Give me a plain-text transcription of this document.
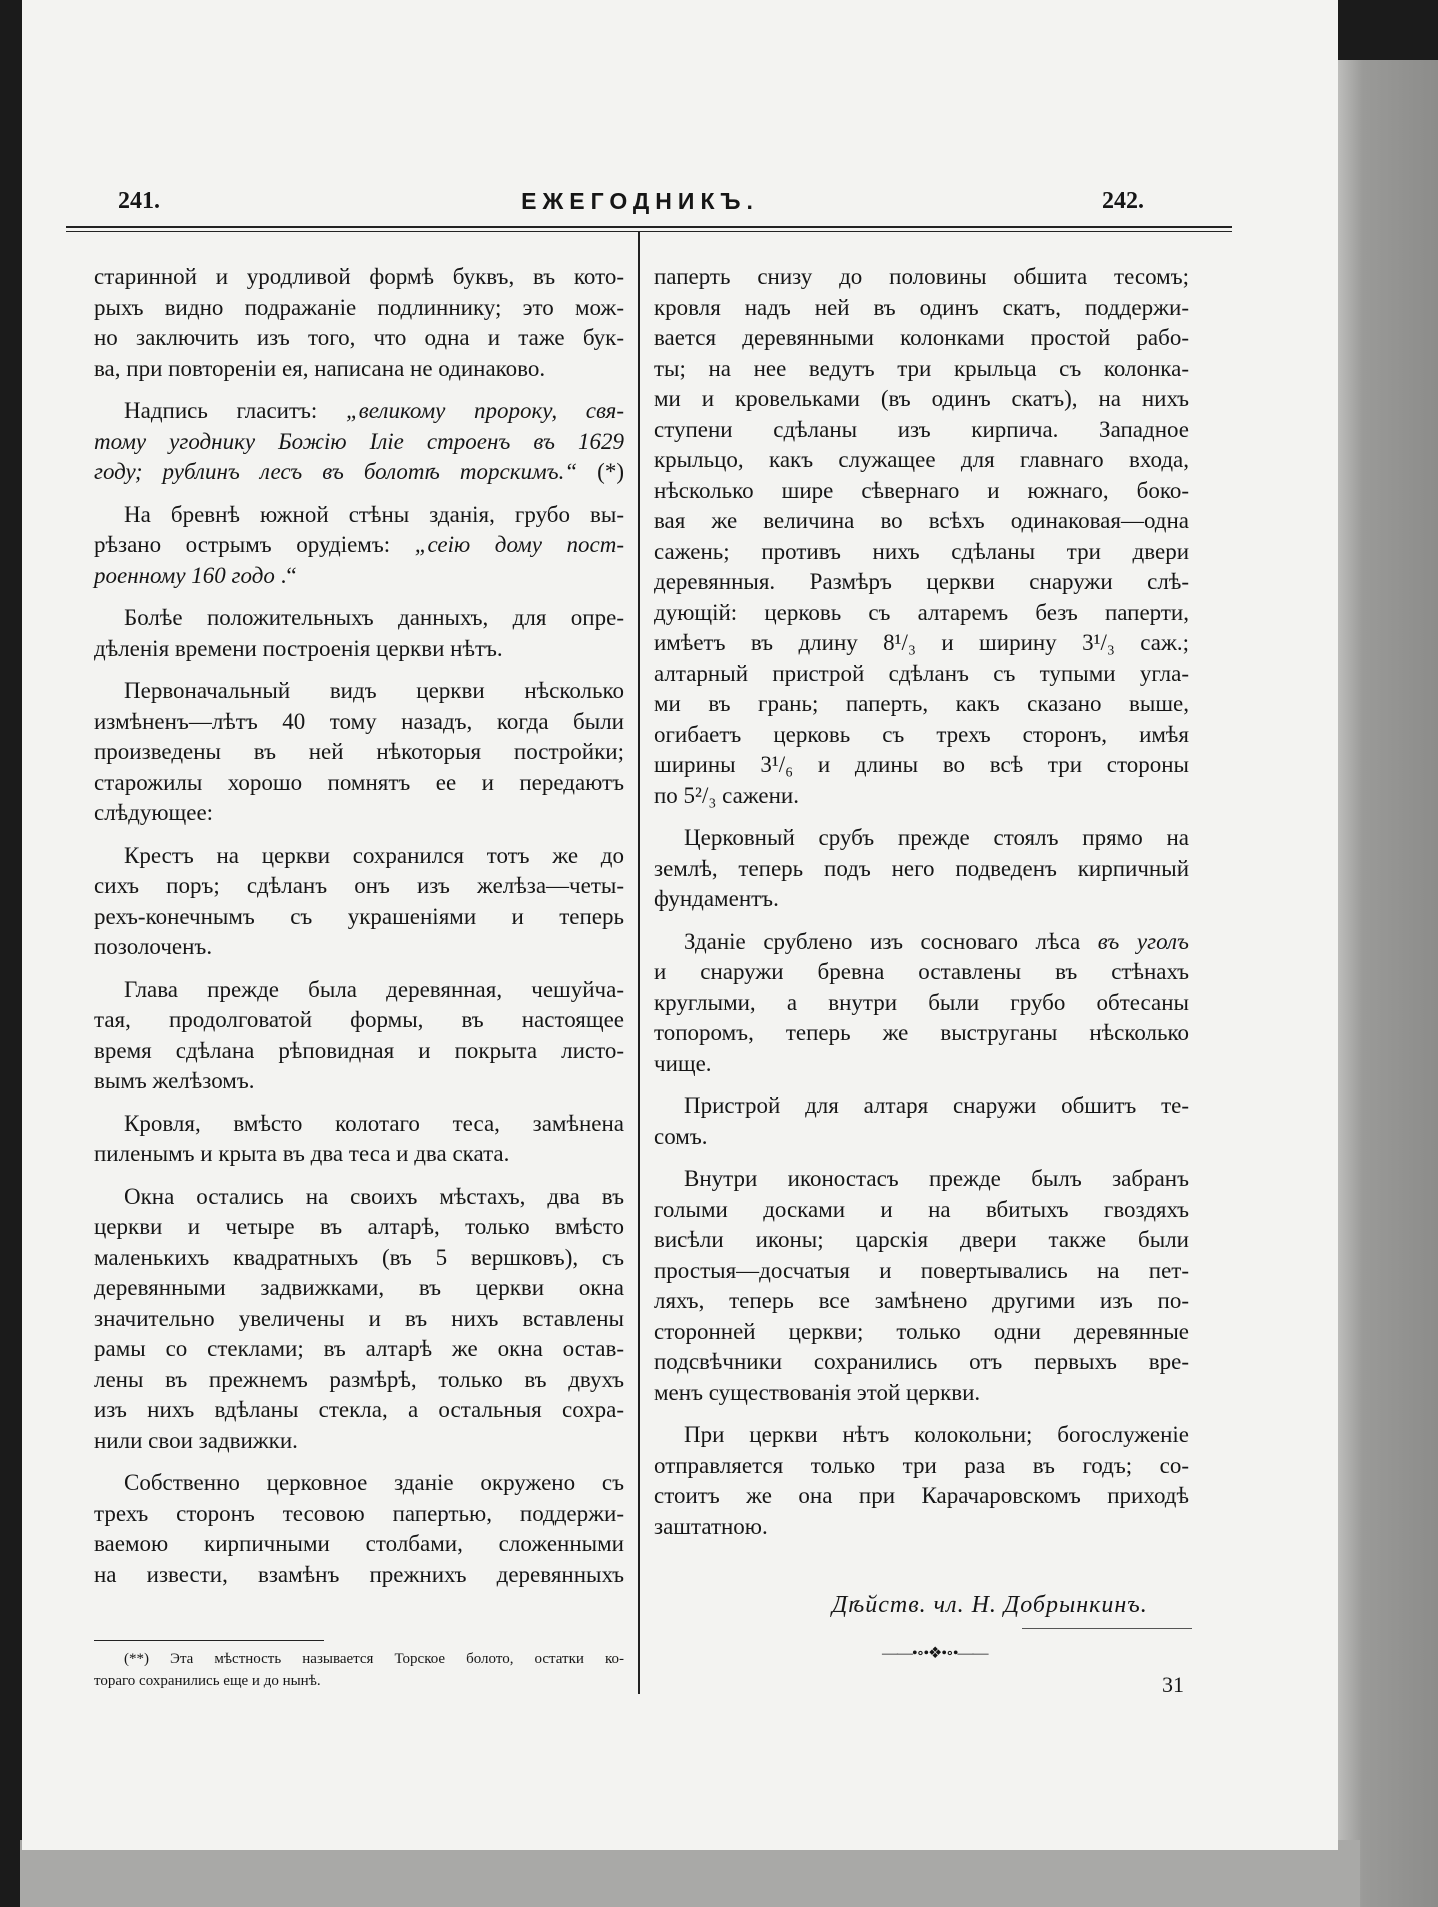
241.	ЕЖЕГОДНИКЪ.	242.
старинной и уродливой формѣ буквъ, въ кото-
рыхъ видно подражаніе подлиннику; это мож-
но заключить изъ того, что одна и таже бук-
ва, при повтореніи ея, написана не одинаково.
Надпись гласитъ: „великому пророку, свя-
тому угоднику Божію Іліе строенъ въ 1629
году; рублинъ лесъ въ болотѣ торскимъ.“ (*)
На бревнѣ южной стѣны зданія, грубо вы-
рѣзано острымъ орудіемъ: „сеію дому пост-
роенному 160 годо .“
Болѣе положительныхъ данныхъ, для опре-
дѣленія времени построенія церкви нѣтъ.
Первоначальный видъ церкви нѣсколько
измѣненъ—лѣтъ 40 тому назадъ, когда были
произведены въ ней нѣкоторыя постройки;
старожилы хорошо помнятъ ее и передаютъ
слѣдующее:
Крестъ на церкви сохранился тотъ же до
сихъ поръ; сдѣланъ онъ изъ желѣза—четы-
рехъ-конечнымъ съ украшеніями и теперь
позолоченъ.
Глава прежде была деревянная, чешуйча-
тая, продолговатой формы, въ настоящее
время сдѣлана рѣповидная и покрыта листо-
вымъ желѣзомъ.
Кровля, вмѣсто колотаго теса, замѣнена
пиленымъ и крыта въ два теса и два ската.
Окна остались на своихъ мѣстахъ, два въ
церкви и четыре въ алтарѣ, только вмѣсто
маленькихъ квадратныхъ (въ 5 вершковъ), съ
деревянными задвижками, въ церкви окна
значительно увеличены и въ нихъ вставлены
рамы со стеклами; въ алтарѣ же окна остав-
лены въ прежнемъ размѣрѣ, только въ двухъ
изъ нихъ вдѣланы стекла, а остальныя сохра-
нили свои задвижки.
Собственно церковное зданіе окружено съ
трехъ сторонъ тесовою папертью, поддержи-
ваемою кирпичными столбами, сложенными
на извести, взамѣнъ прежнихъ деревянныхъ
паперть снизу до половины обшита тесомъ;
кровля надъ ней въ одинъ скатъ, поддержи-
вается деревянными колонками простой рабо-
ты; на нее ведутъ три крыльца съ колонка-
ми и кровельками (въ одинъ скатъ), на нихъ
ступени сдѣланы изъ кирпича. Западное
крыльцо, какъ служащее для главнаго входа,
нѣсколько шире сѣвернаго и южнаго, боко-
вая же величина во всѣхъ одинаковая—одна
сажень; противъ нихъ сдѣланы три двери
деревянныя. Размѣръ церкви снаружи слѣ-
дующій: церковь съ алтаремъ безъ паперти,
имѣетъ въ длину 8¹/₃ и ширину 3¹/₃ саж.;
алтарный пристрой сдѣланъ съ тупыми угла-
ми въ грань; паперть, какъ сказано выше,
огибаетъ церковь съ трехъ сторонъ, имѣя
ширины 3¹/₆ и длины во всѣ три стороны
по 5²/₃ сажени.
Церковный срубъ прежде стоялъ прямо на
землѣ, теперь подъ него подведенъ кирпичный
фундаментъ.
Зданіе срублено изъ сосноваго лѣса въ уголъ
и снаружи бревна оставлены въ стѣнахъ
круглыми, а внутри были грубо обтесаны
топоромъ, теперь же выструганы нѣсколько
чище.
Пристрой для алтаря снаружи обшитъ те-
сомъ.
Внутри иконостасъ прежде былъ забранъ
голыми досками и на вбитыхъ гвоздяхъ
висѣли иконы; царскія двери также были
простыя—досчатыя и повертывались на пет-
ляхъ, теперь все замѣнено другими изъ по-
сторонней церкви; только одни деревянные
подсвѣчники сохранились отъ первыхъ вре-
менъ существованія этой церкви.
При церкви нѣтъ колокольни; богослуженіе
отправляется только три раза въ годъ; со-
стоитъ же она при Карачаровскомъ приходѣ
заштатною.
(**) Эта мѣстность называется Торское болото, остатки ко-
тораго сохранились еще и до нынѣ.
Дѣйств. чл. Н. Добрынкинъ.
——•∘•❖•∘•——
31
